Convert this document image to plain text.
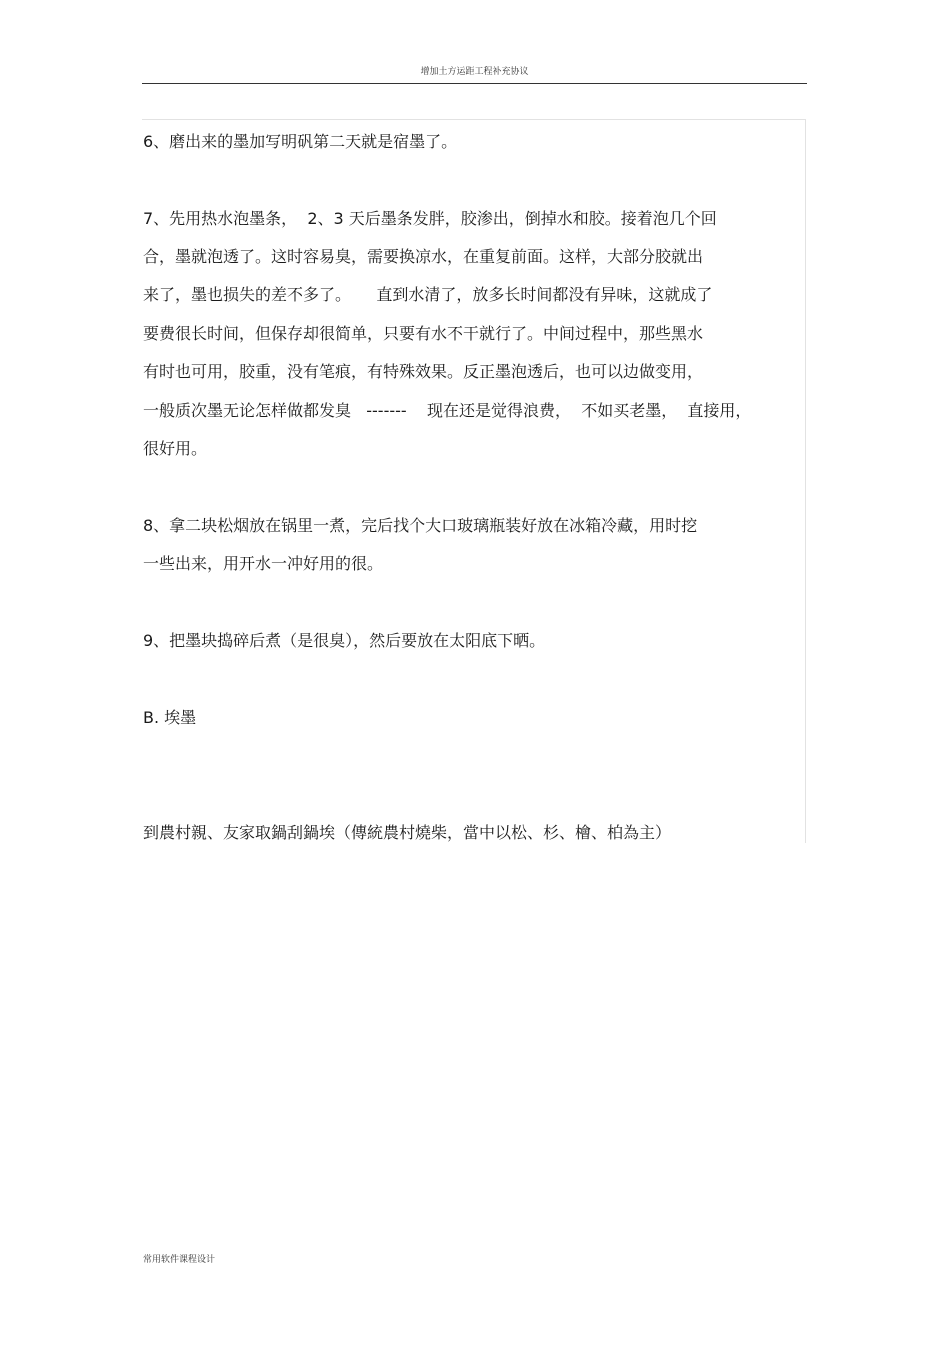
增加土方运距工程补充协议
6、磨出来的墨加写明矾第二天就是宿墨了。
7、先用热水泡墨条，  2、3 天后墨条发胖，胶渗出，倒掉水和胶。接着泡几个回
合，墨就泡透了。这时容易臭，需要换凉水，在重复前面。这样，大部分胶就出
来了，墨也损失的差不多了。     直到水清了，放多长时间都没有异味，这就成了
要费很长时间，但保存却很简单，只要有水不干就行了。中间过程中，那些黑水
有时也可用，胶重，没有笔痕，有特殊效果。反正墨泡透后，也可以边做变用，
一般质次墨无论怎样做都发臭   -------    现在还是觉得浪费，  不如买老墨，  直接用，
很好用。
8、拿二块松烟放在锅里一煮，完后找个大口玻璃瓶装好放在冰箱冷藏，用时挖
一些出来，用开水一冲好用的很。
9、把墨块捣碎后煮（是很臭），然后要放在太阳底下晒。
B. 埃墨
到農村親、友家取鍋刮鍋埃（傳統農村燒柴，當中以松、杉、檜、柏為主）
常用软件课程设计
